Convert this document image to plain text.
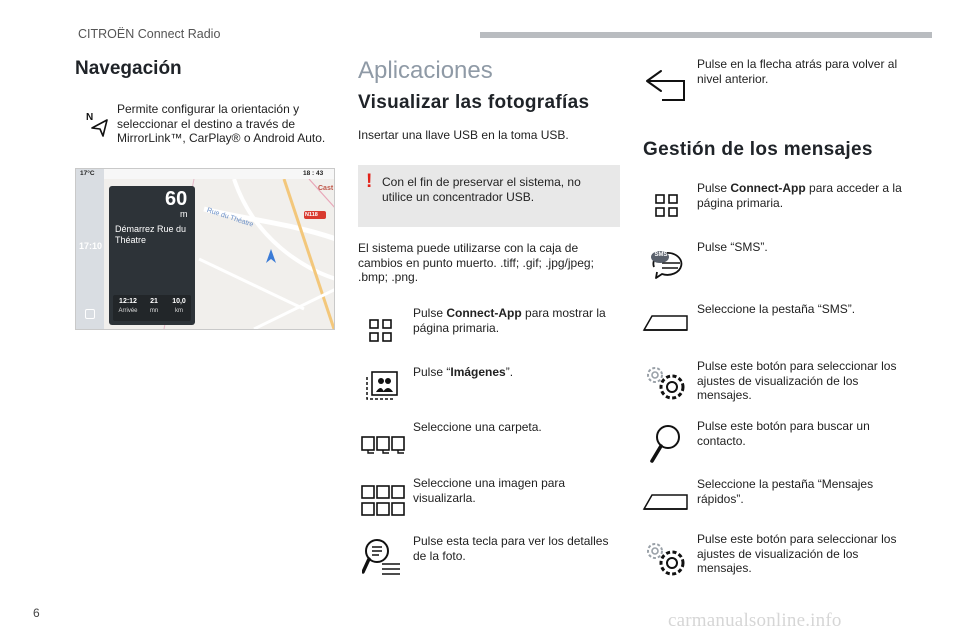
CITROËN Connect Radio
6	carmanualsonline.info
Navegación
N
Permite configurar la orientación y seleccionar el destino a través de MirrorLink™, CarPlay® o Android Auto.
17:10
17°C	18 : 43
Cast
N118
Rue du Théatre
60
m
Démarrez Rue du Théatre
12:12
Arrivée
21
mn
10,0
km
Aplicaciones
Visualizar las fotografías
Insertar una llave USB en la toma USB.
! Con el fin de preservar el sistema, no utilice un concentrador USB.
El sistema puede utilizarse con la caja de cambios en punto muerto. .tiff; .gif; .jpg/jpeg; .bmp; .png.
Pulse Connect-App para mostrar la página primaria.
Pulse “Imágenes”.
Seleccione una carpeta.
Seleccione una imagen para visualizarla.
Pulse esta tecla para ver los detalles de la foto.
Pulse en la flecha atrás para volver al nivel anterior.
Gestión de los mensajes
Pulse Connect-App para acceder a la página primaria.
SMS
Pulse “SMS”.
Seleccione la pestaña “SMS”.
Pulse este botón para seleccionar los ajustes de visualización de los mensajes.
Pulse este botón para buscar un contacto.
Seleccione la pestaña “Mensajes rápidos”.
Pulse este botón para seleccionar los ajustes de visualización de los mensajes.
